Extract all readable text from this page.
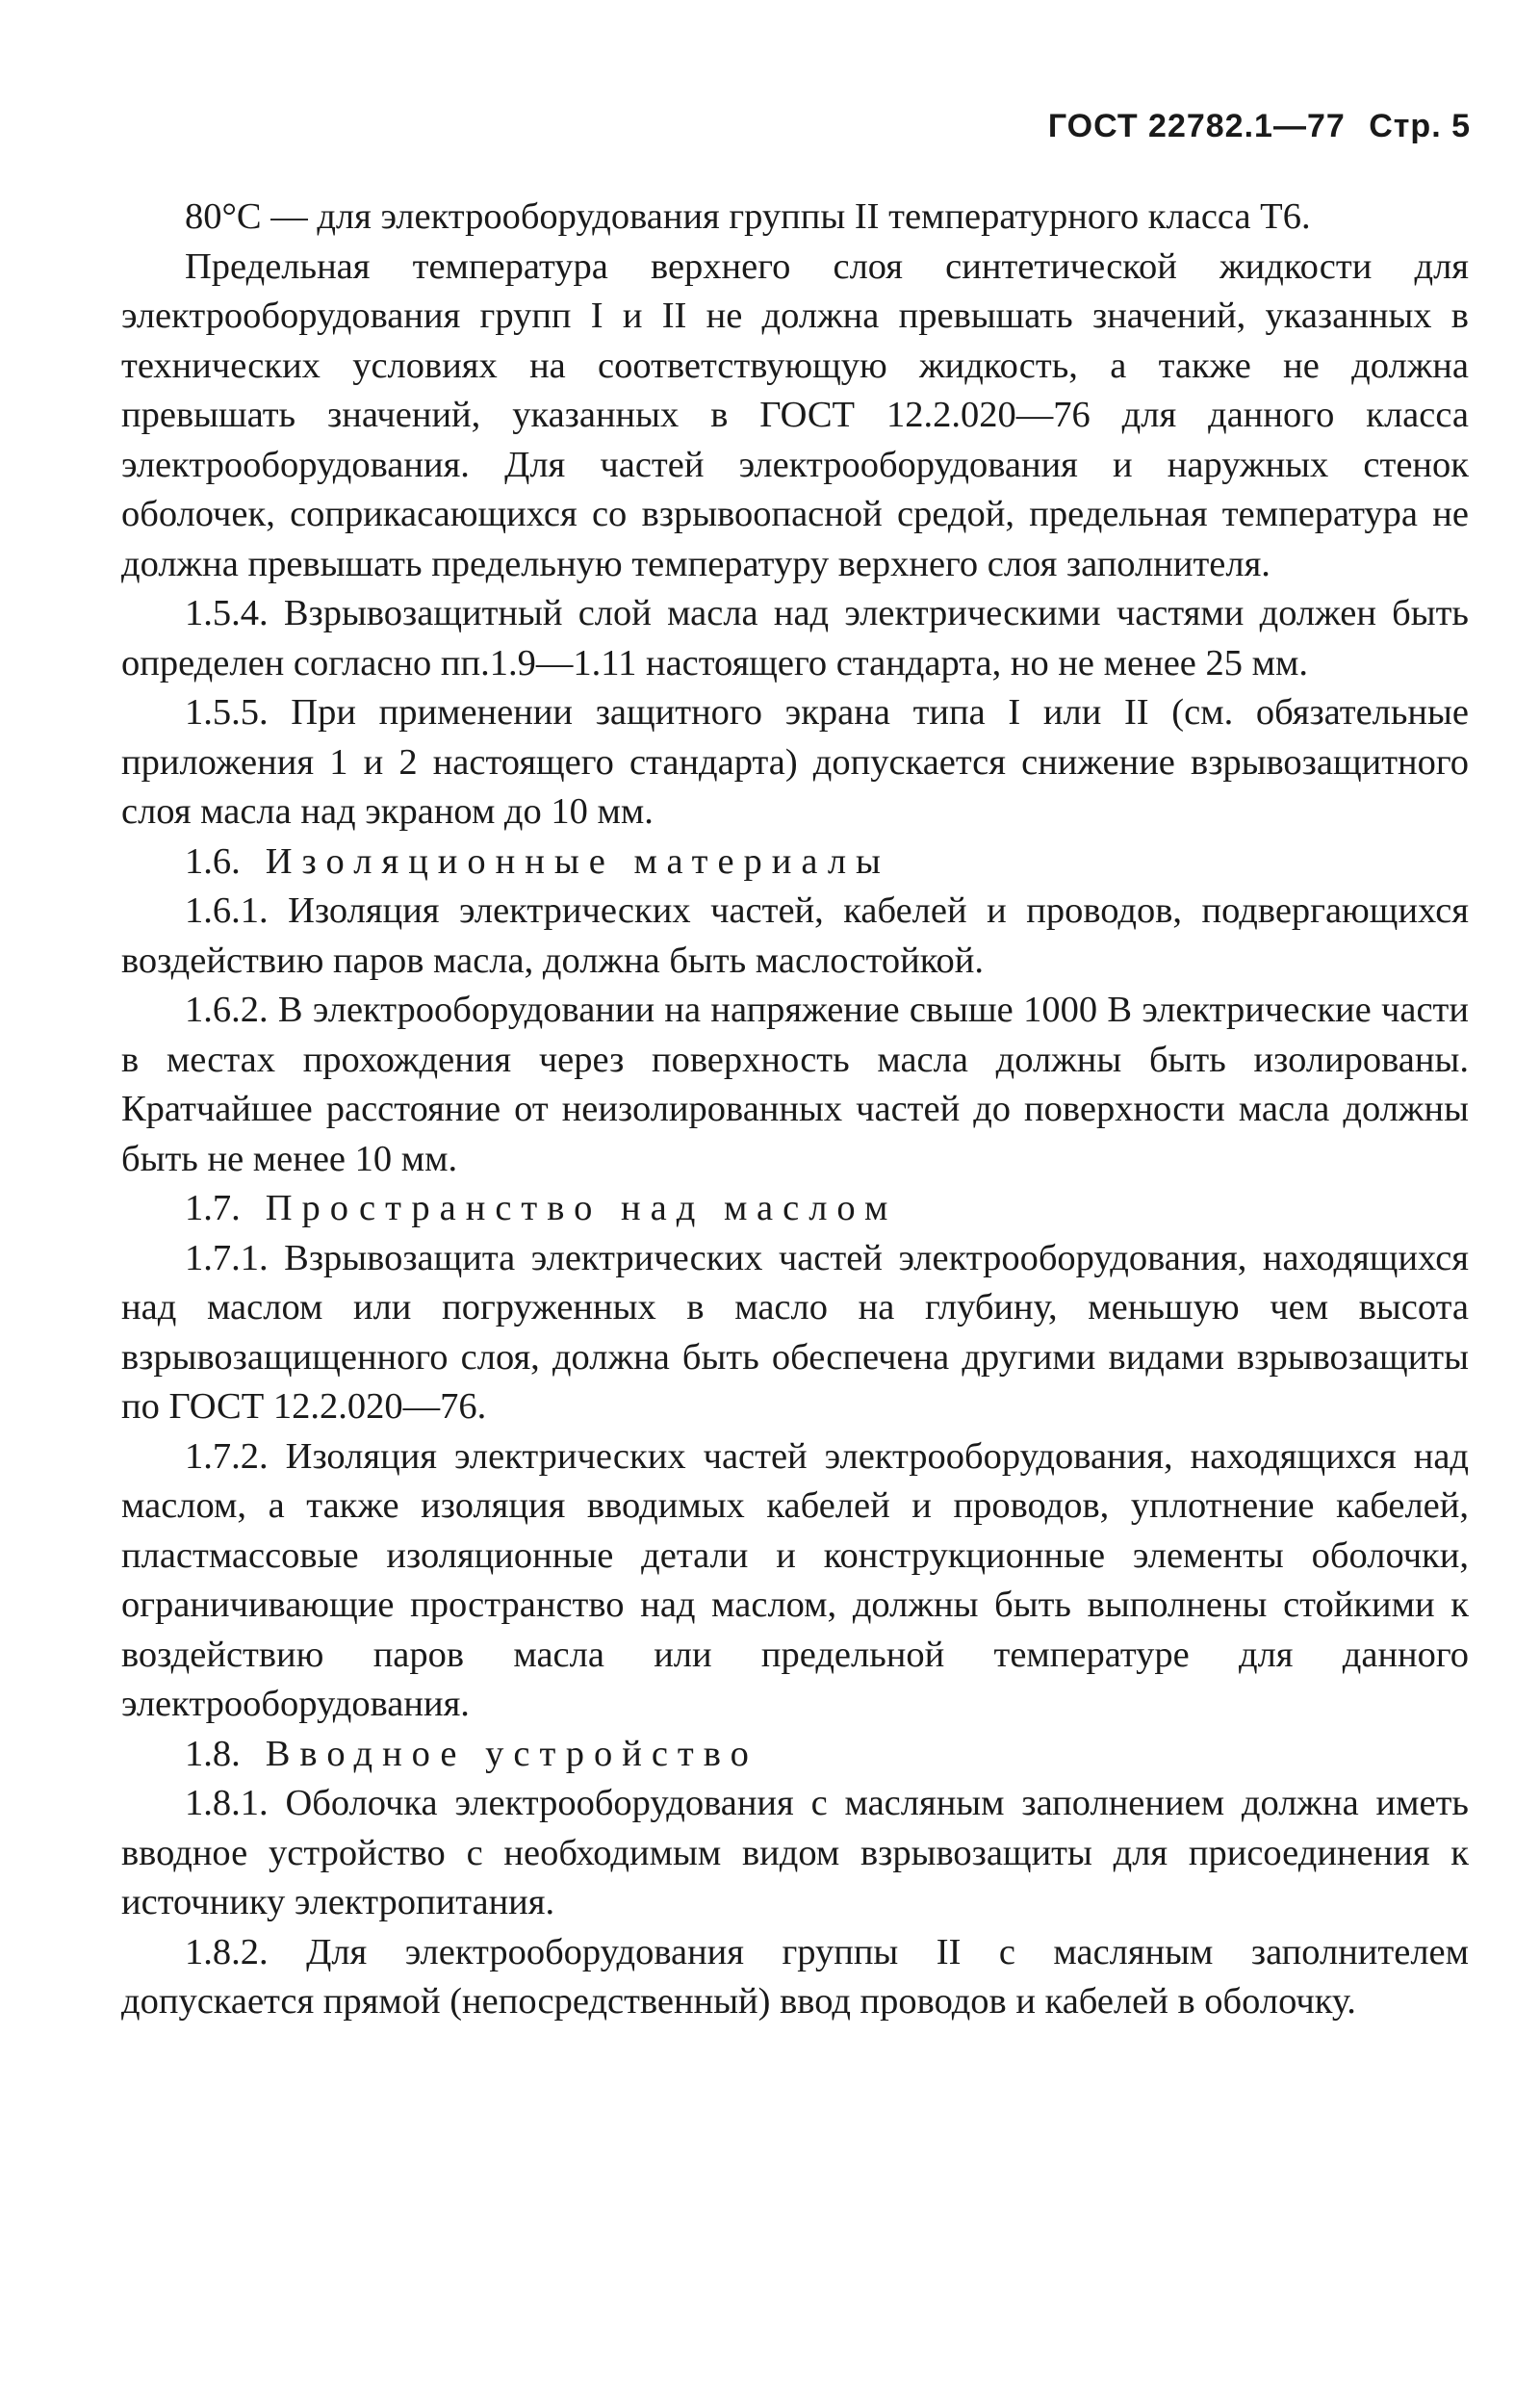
ГОСТ 22782.1—77 Стр. 5

80°С — для электрооборудования группы II температурного класса Т6.

Предельная температура верхнего слоя синтетической жидкости для электрооборудования групп I и II не должна превышать значений, указанных в технических условиях на соответствующую жидкость, а также не должна превышать значений, указанных в ГОСТ 12.2.020—76 для данного класса электрооборудования. Для частей электрооборудования и наружных стенок оболочек, соприкасающихся со взрывоопасной средой, предельная температура не должна превышать предельную температуру верхнего слоя заполнителя.

1.5.4. Взрывозащитный слой масла над электрическими частями должен быть определен согласно пп.1.9—1.11 настоящего стандарта, но не менее 25 мм.

1.5.5. При применении защитного экрана типа I или II (см. обязательные приложения 1 и 2 настоящего стандарта) допускается снижение взрывозащитного слоя масла над экраном до 10 мм.

1.6. Изоляционные материалы

1.6.1. Изоляция электрических частей, кабелей и проводов, подвергающихся воздействию паров масла, должна быть маслостойкой.

1.6.2. В электрооборудовании на напряжение свыше 1000 В электрические части в местах прохождения через поверхность масла должны быть изолированы. Кратчайшее расстояние от неизолированных частей до поверхности масла должны быть не менее 10 мм.

1.7. Пространство над маслом

1.7.1. Взрывозащита электрических частей электрооборудования, находящихся над маслом или погруженных в масло на глубину, меньшую чем высота взрывозащищенного слоя, должна быть обеспечена другими видами взрывозащиты по ГОСТ 12.2.020—76.

1.7.2. Изоляция электрических частей электрооборудования, находящихся над маслом, а также изоляция вводимых кабелей и проводов, уплотнение кабелей, пластмассовые изоляционные детали и конструкционные элементы оболочки, ограничивающие пространство над маслом, должны быть выполнены стойкими к воздействию паров масла или предельной температуре для данного электрооборудования.

1.8. Вводное устройство

1.8.1. Оболочка электрооборудования с масляным заполнением должна иметь вводное устройство с необходимым видом взрывозащиты для присоединения к источнику электропитания.

1.8.2. Для электрооборудования группы II с масляным заполнителем допускается прямой (непосредственный) ввод проводов и кабелей в оболочку.
